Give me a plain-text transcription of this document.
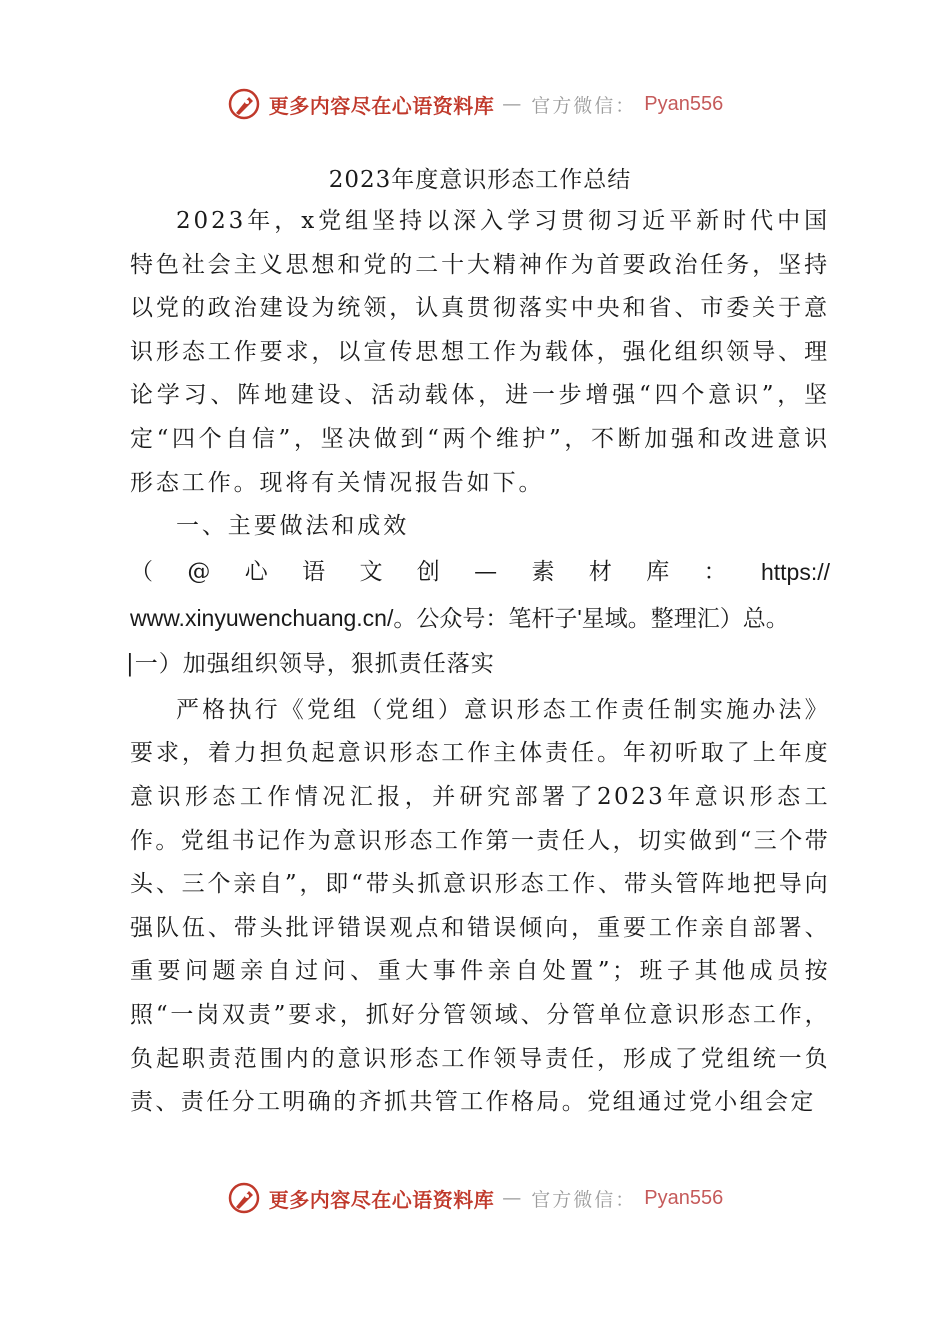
更多内容尽在心语资料库 — 官方微信： Pyan556
2023年度意识形态工作总结

2023年，x党组坚持以深入学习贯彻习近平新时代中国特色社会主义思想和党的二十大精神作为首要政治任务，坚持以党的政治建设为统领，认真贯彻落实中央和省、市委关于意识形态工作要求，以宣传思想工作为载体，强化组织领导、理论学习、阵地建设、活动载体，进一步增强“四个意识”，坚定“四个自信”，坚决做到“两个维护”，不断加强和改进意识形态工作。现将有关情况报告如下。

一、主要做法和成效

（ @ 心 语 文 创 — 素 材 库 ： https://
www.xinyuwenchuang.cn/。公众号：笔杆子'星域。整理汇）总。

|一）加强组织领导，狠抓责任落实

严格执行《党组（党组）意识形态工作责任制实施办法》要求，着力担负起意识形态工作主体责任。年初听取了上年度意识形态工作情况汇报，并研究部署了2023年意识形态工作。党组书记作为意识形态工作第一责任人，切实做到“三个带头、三个亲自”，即“带头抓意识形态工作、带头管阵地把导向强队伍、带头批评错误观点和错误倾向，重要工作亲自部署、重要问题亲自过问、重大事件亲自处置”；班子其他成员按照“一岗双责”要求，抓好分管领域、分管单位意识形态工作，负起职责范围内的意识形态工作领导责任，形成了党组统一负责、责任分工明确的齐抓共管工作格局。党组通过党小组会定

更多内容尽在心语资料库 — 官方微信： Pyan556
